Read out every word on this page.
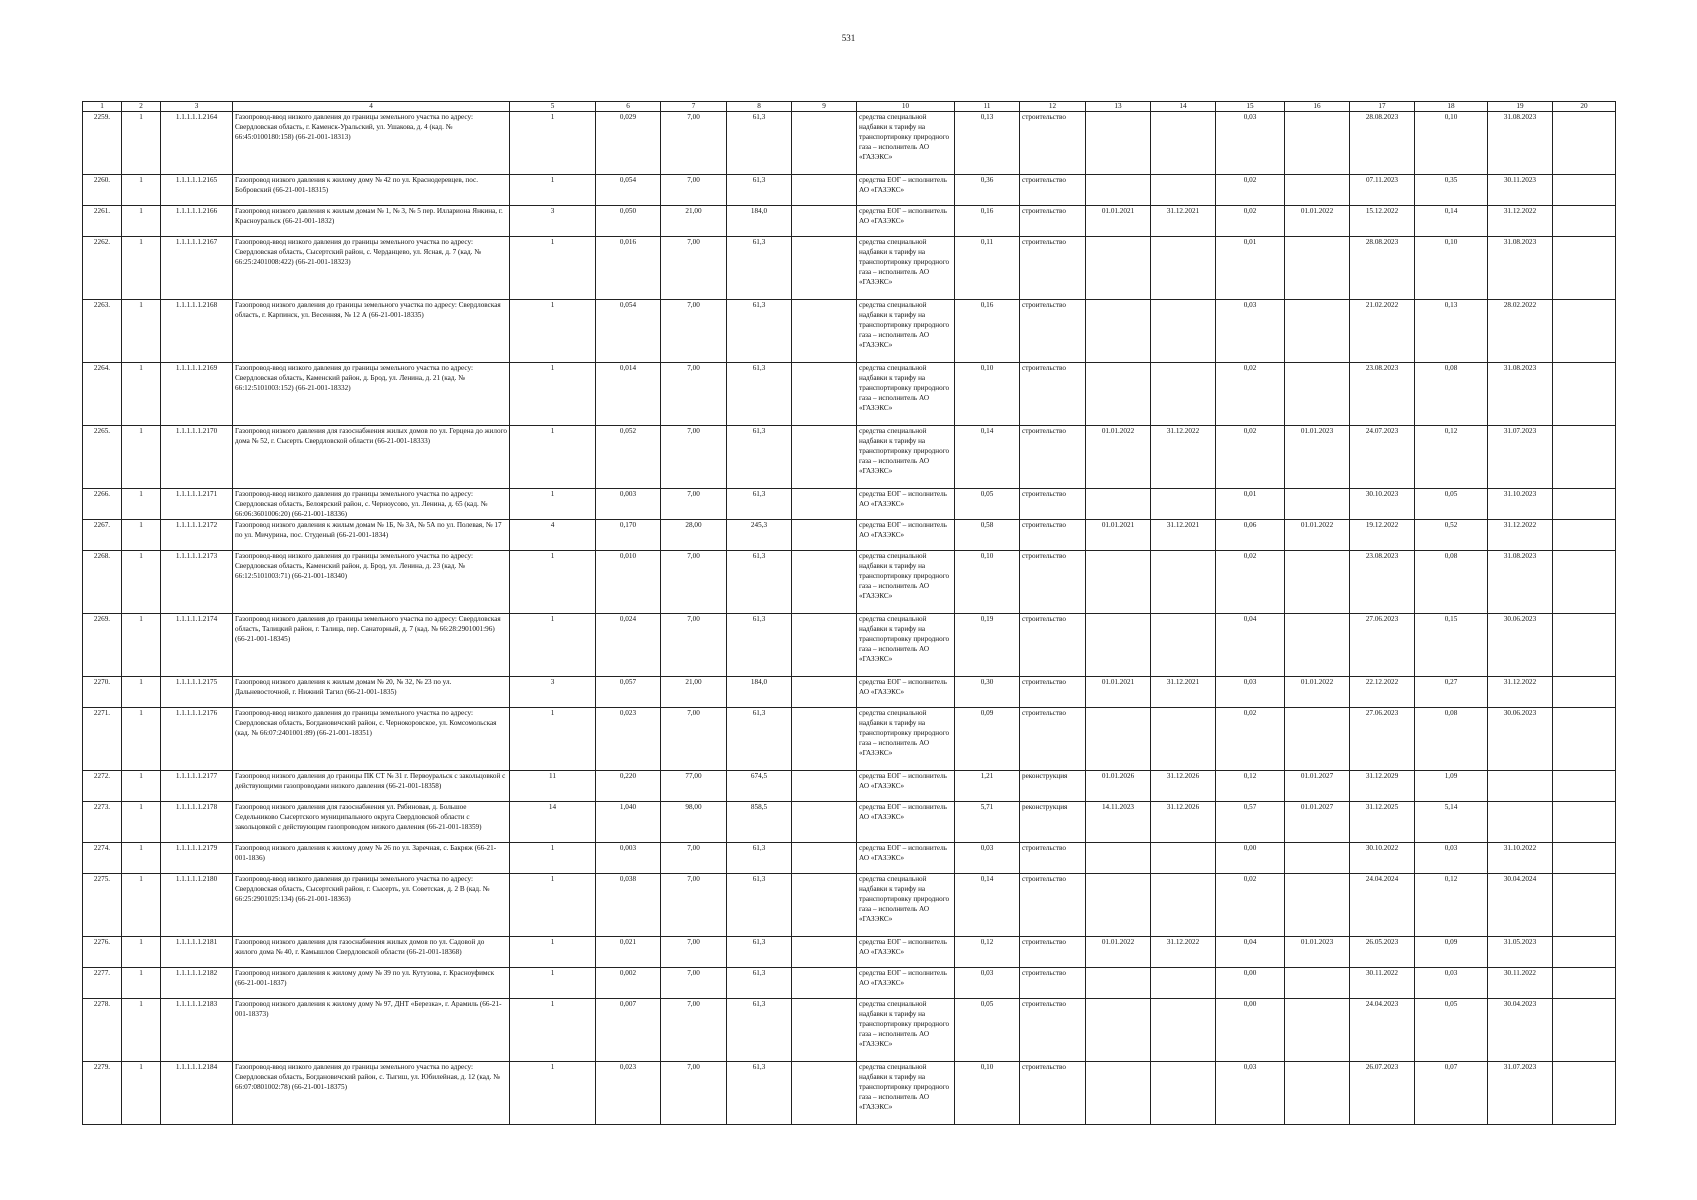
531
1	2	3	4	5	6	7	8	9	10	11	12	13	14	15	16	17	18	19	20
2259.	1	1.1.1.1.1.2164	Газопровод-ввод низкого давления до границы земельного участка по адресу: Свердловская область, г. Каменск-Уральский, ул. Ушакова, д. 4 (кад. № 66:45:0100180:158) (66-21-001-18313)	1	0,029	7,00	61,3		средства специальной надбавки к тарифу на транспортировку природного газа – исполнитель АО «ГАЗЭКС»	0,13	строительство			0,03		28.08.2023	0,10	31.08.2023	
2260.	1	1.1.1.1.1.2165	Газопровод низкого давления к жилому дому № 42 по ул. Краснодеревцев, пос. Бобровский (66-21-001-18315)	1	0,054	7,00	61,3		средства ЕОГ – исполнитель АО «ГАЗЭКС»	0,36	строительство			0,02		07.11.2023	0,35	30.11.2023	
2261.	1	1.1.1.1.1.2166	Газопровод низкого давления к жилым домам № 1, № 3, № 5 пер. Иллариона Янкина, г. Красноуральск (66-21-001-1832)	3	0,050	21,00	184,0		средства ЕОГ – исполнитель АО «ГАЗЭКС»	0,16	строительство	01.01.2021	31.12.2021	0,02	01.01.2022	15.12.2022	0,14	31.12.2022	
2262.	1	1.1.1.1.1.2167	Газопровод-ввод низкого давления до границы земельного участка по адресу: Свердловская область, Сысертский район, с. Черданцево, ул. Ясная, д. 7 (кад. № 66:25:2401008:422) (66-21-001-18323)	1	0,016	7,00	61,3		средства специальной надбавки к тарифу на транспортировку природного газа – исполнитель АО «ГАЗЭКС»	0,11	строительство			0,01		28.08.2023	0,10	31.08.2023	
2263.	1	1.1.1.1.1.2168	Газопровод низкого давления до границы земельного участка по адресу: Свердловская область, г. Карпинск, ул. Весенняя, № 12 А (66-21-001-18335)	1	0,054	7,00	61,3		средства специальной надбавки к тарифу на транспортировку природного газа – исполнитель АО «ГАЗЭКС»	0,16	строительство			0,03		21.02.2022	0,13	28.02.2022	
2264.	1	1.1.1.1.1.2169	Газопровод-ввод низкого давления до границы земельного участка по адресу: Свердловская область, Каменский район, д. Брод, ул. Ленина, д. 21 (кад. № 66:12:5101003:152) (66-21-001-18332)	1	0,014	7,00	61,3		средства специальной надбавки к тарифу на транспортировку природного газа – исполнитель АО «ГАЗЭКС»	0,10	строительство			0,02		23.08.2023	0,08	31.08.2023	
2265.	1	1.1.1.1.1.2170	Газопровод низкого давления для газоснабжения жилых домов по ул. Герцена до жилого дома № 52, г. Сысерть Свердловской области (66-21-001-18333)	1	0,052	7,00	61,3		средства специальной надбавки к тарифу на транспортировку природного газа – исполнитель АО «ГАЗЭКС»	0,14	строительство	01.01.2022	31.12.2022	0,02	01.01.2023	24.07.2023	0,12	31.07.2023	
2266.	1	1.1.1.1.1.2171	Газопровод-ввод низкого давления до границы земельного участка по адресу: Свердловская область, Белоярский район, с. Черноусово, ул. Ленина, д. 65 (кад. № 66:06:3601006:20) (66-21-001-18336)	1	0,003	7,00	61,3		средства ЕОГ – исполнитель АО «ГАЗЭКС»	0,05	строительство			0,01		30.10.2023	0,05	31.10.2023	
2267.	1	1.1.1.1.1.2172	Газопровод низкого давления к жилым домам № 1Б, № 3А, № 5А по ул. Полевая, № 17 по ул. Мичурина, пос. Студеный (66-21-001-1834)	4	0,170	28,00	245,3		средства ЕОГ – исполнитель АО «ГАЗЭКС»	0,58	строительство	01.01.2021	31.12.2021	0,06	01.01.2022	19.12.2022	0,52	31.12.2022	
2268.	1	1.1.1.1.1.2173	Газопровод-ввод низкого давления до границы земельного участка по адресу: Свердловская область, Каменский район, д. Брод, ул. Ленина, д. 23 (кад. № 66:12:5101003:71) (66-21-001-18340)	1	0,010	7,00	61,3		средства специальной надбавки к тарифу на транспортировку природного газа – исполнитель АО «ГАЗЭКС»	0,10	строительство			0,02		23.08.2023	0,08	31.08.2023	
2269.	1	1.1.1.1.1.2174	Газопровод низкого давления до границы земельного участка по адресу: Свердловская область, Талицкий район, г. Талица, пер. Санаторный, д. 7 (кад. № 66:28:2901001:96) (66-21-001-18345)	1	0,024	7,00	61,3		средства специальной надбавки к тарифу на транспортировку природного газа – исполнитель АО «ГАЗЭКС»	0,19	строительство			0,04		27.06.2023	0,15	30.06.2023	
2270.	1	1.1.1.1.1.2175	Газопровод низкого давления к жилым домам № 20, № 32, № 23 по ул. Дальневосточной, г. Нижний Тагил (66-21-001-1835)	3	0,057	21,00	184,0		средства ЕОГ – исполнитель АО «ГАЗЭКС»	0,30	строительство	01.01.2021	31.12.2021	0,03	01.01.2022	22.12.2022	0,27	31.12.2022	
2271.	1	1.1.1.1.1.2176	Газопровод-ввод низкого давления до границы земельного участка по адресу: Свердловская область, Богдановичский район, с. Чернокоровское, ул. Комсомольская (кад. № 66:07:2401001:89) (66-21-001-18351)	1	0,023	7,00	61,3		средства специальной надбавки к тарифу на транспортировку природного газа – исполнитель АО «ГАЗЭКС»	0,09	строительство			0,02		27.06.2023	0,08	30.06.2023	
2272.	1	1.1.1.1.1.2177	Газопровод низкого давления до границы ПК СТ № 31 г. Первоуральск с закольцовкой с действующими газопроводами низкого давления (66-21-001-18358)	11	0,220	77,00	674,5		средства ЕОГ – исполнитель АО «ГАЗЭКС»	1,21	реконструкция	01.01.2026	31.12.2026	0,12	01.01.2027	31.12.2029	1,09		
2273.	1	1.1.1.1.1.2178	Газопровод низкого давления для газоснабжения ул. Рябиновая, д. Большое Седельниково Сысертского муниципального округа Свердловской области с закольцовкой с действующим газопроводом низкого давления (66-21-001-18359)	14	1,040	98,00	858,5		средства ЕОГ – исполнитель АО «ГАЗЭКС»	5,71	реконструкция	14.11.2023	31.12.2026	0,57	01.01.2027	31.12.2025	5,14		
2274.	1	1.1.1.1.1.2179	Газопровод низкого давления к жилому дому № 26 по ул. Заречная, с. Бакряж (66-21-001-1836)	1	0,003	7,00	61,3		средства ЕОГ – исполнитель АО «ГАЗЭКС»	0,03	строительство			0,00		30.10.2022	0,03	31.10.2022	
2275.	1	1.1.1.1.1.2180	Газопровод-ввод низкого давления до границы земельного участка по адресу: Свердловская область, Сысертский район, г. Сысерть, ул. Советская, д. 2 В (кад. № 66:25:2901025:134) (66-21-001-18363)	1	0,038	7,00	61,3		средства специальной надбавки к тарифу на транспортировку природного газа – исполнитель АО «ГАЗЭКС»	0,14	строительство			0,02		24.04.2024	0,12	30.04.2024	
2276.	1	1.1.1.1.1.2181	Газопровод низкого давления для газоснабжения жилых домов по ул. Садовой до жилого дома № 40, г. Камышлов Свердловской области (66-21-001-18368)	1	0,021	7,00	61,3		средства ЕОГ – исполнитель АО «ГАЗЭКС»	0,12	строительство	01.01.2022	31.12.2022	0,04	01.01.2023	26.05.2023	0,09	31.05.2023	
2277.	1	1.1.1.1.1.2182	Газопровод низкого давления к жилому дому № 39 по ул. Кутузова, г. Красноуфимск (66-21-001-1837)	1	0,002	7,00	61,3		средства ЕОГ – исполнитель АО «ГАЗЭКС»	0,03	строительство			0,00		30.11.2022	0,03	30.11.2022	
2278.	1	1.1.1.1.1.2183	Газопровод низкого давления к жилому дому № 97, ДНТ «Березка», г. Арамиль (66-21-001-18373)	1	0,007	7,00	61,3		средства специальной надбавки к тарифу на транспортировку природного газа – исполнитель АО «ГАЗЭКС»	0,05	строительство			0,00		24.04.2023	0,05	30.04.2023	
2279.	1	1.1.1.1.1.2184	Газопровод-ввод низкого давления до границы земельного участка по адресу: Свердловская область, Богдановичский район, с. Тыгиш, ул. Юбилейная, д. 12 (кад. № 66:07:0801002:78) (66-21-001-18375)	1	0,023	7,00	61,3		средства специальной надбавки к тарифу на транспортировку природного газа – исполнитель АО «ГАЗЭКС»	0,10	строительство			0,03		26.07.2023	0,07	31.07.2023	
